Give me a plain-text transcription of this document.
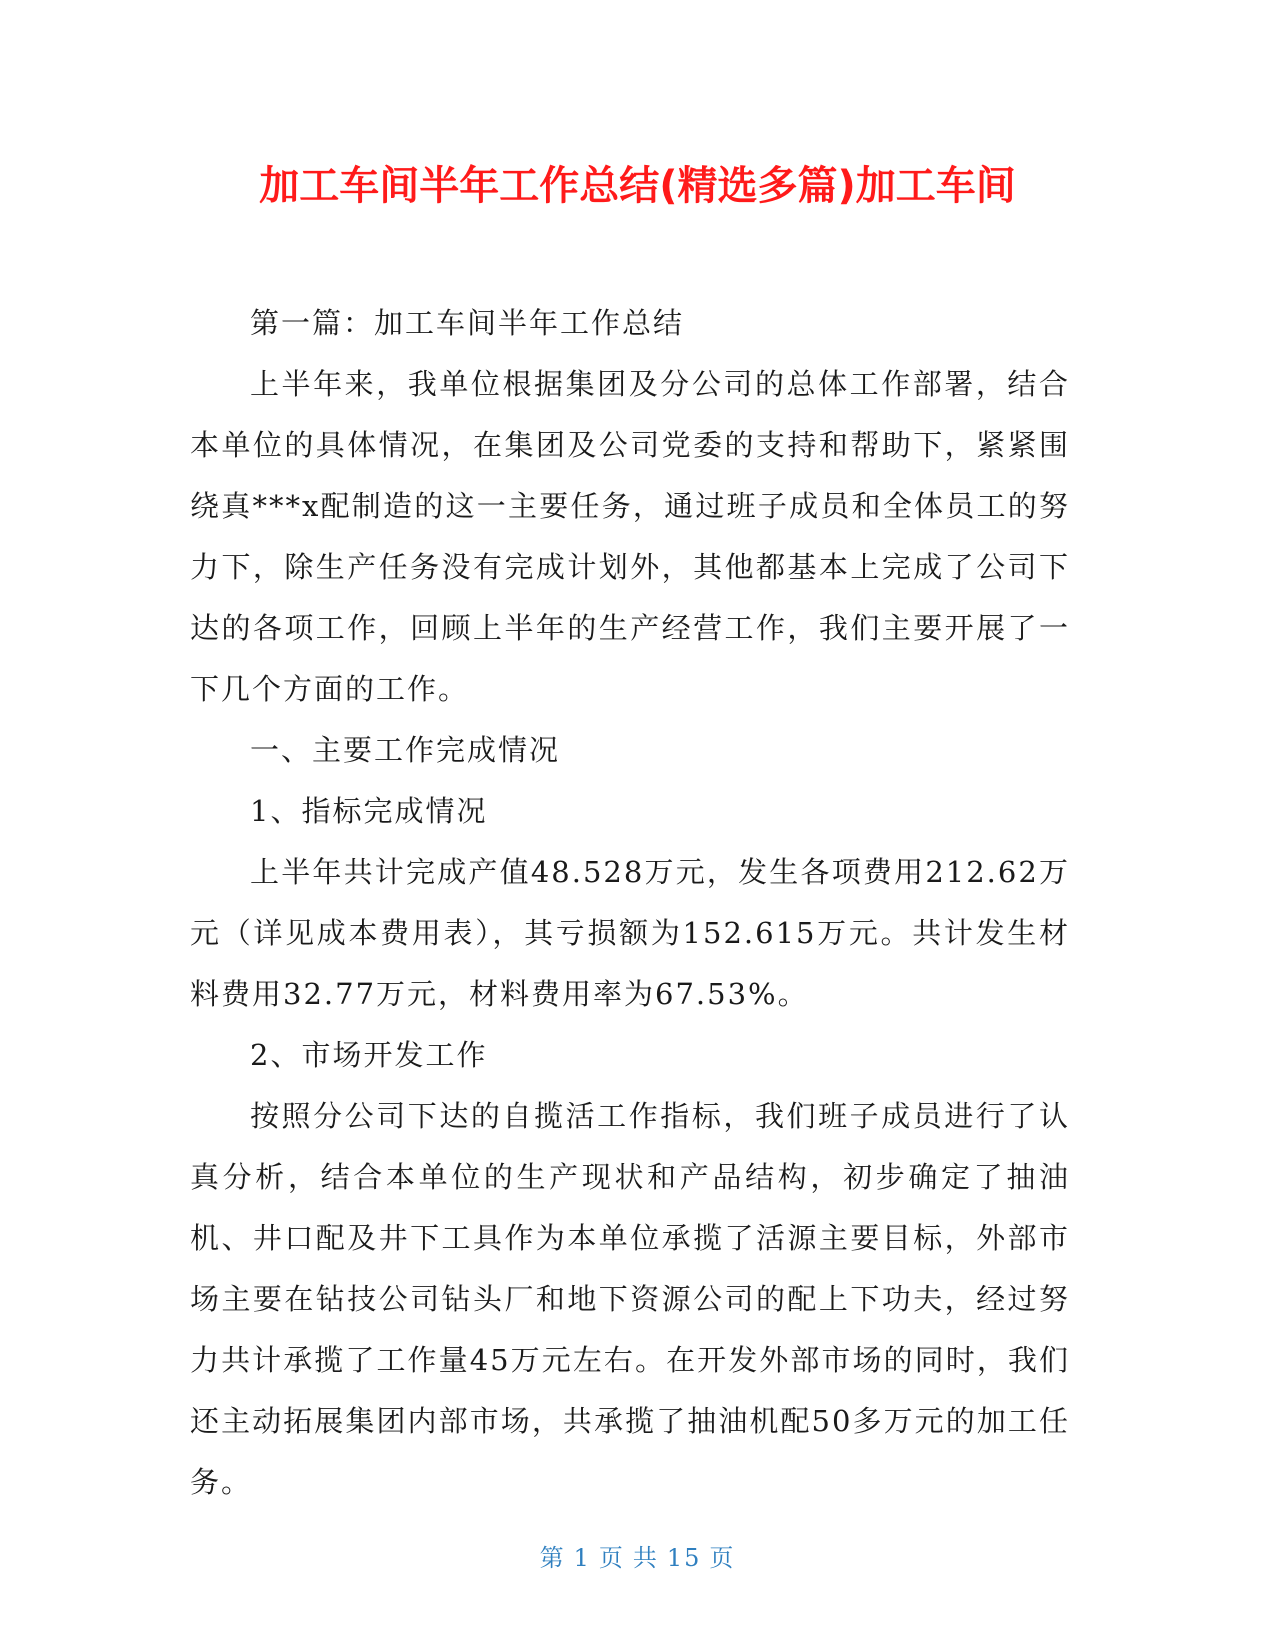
加工车间半年工作总结(精选多篇)加工车间

第一篇：加工车间半年工作总结

上半年来，我单位根据集团及分公司的总体工作部署，结合本单位的具体情况，在集团及公司党委的支持和帮助下，紧紧围绕真***x配制造的这一主要任务，通过班子成员和全体员工的努力下，除生产任务没有完成计划外，其他都基本上完成了公司下达的各项工作，回顾上半年的生产经营工作，我们主要开展了一下几个方面的工作。

一、主要工作完成情况

1、指标完成情况

上半年共计完成产值48.528万元，发生各项费用212.62万元（详见成本费用表），其亏损额为152.615万元。共计发生材料费用32.77万元，材料费用率为67.53%。

2、市场开发工作

按照分公司下达的自揽活工作指标，我们班子成员进行了认真分析，结合本单位的生产现状和产品结构，初步确定了抽油机、井口配及井下工具作为本单位承揽了活源主要目标，外部市场主要在钻技公司钻头厂和地下资源公司的配上下功夫，经过努力共计承揽了工作量45万元左右。在开发外部市场的同时，我们还主动拓展集团内部市场，共承揽了抽油机配50多万元的加工任务。

第 1 页 共 15 页
